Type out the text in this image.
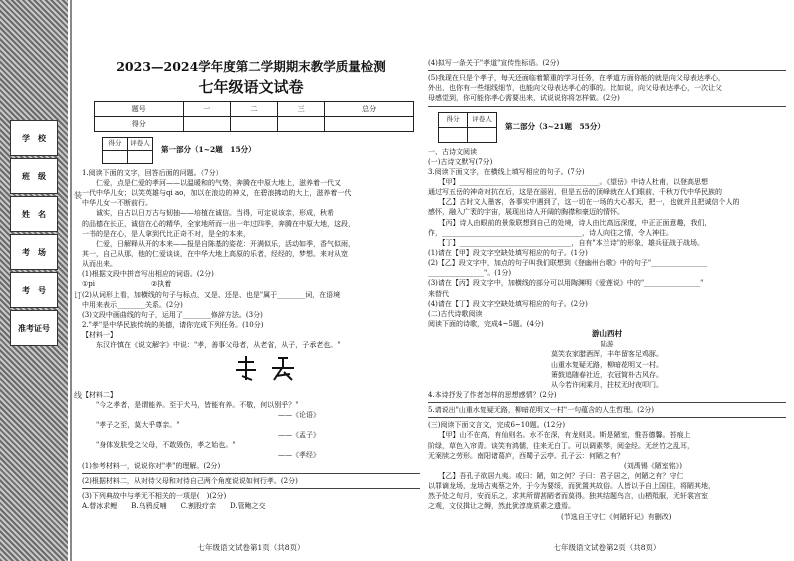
学　校
班　级
姓　名
考　场
考　号
准考证号
装
订
线
2023—2024学年度第二学期期末教学质量检测
七年级语文试卷
题号	一	二	三	总分
得分				
得分	评卷人

第一部分（1~2题　15分）

1.阅读下面的文字，回答后面的问题。（7分）

　　仁爱，点是仁爱的孝河——以温暖和的气势，奔腾在中原大地上，滋养着一代又

一代中华儿女；以笑英雄与qi ao，加以在浪边的神义，在碧浪拂动的大上，滋养着一代

中华儿女一不断前行。

　　诚实，自古以日万古与韧抽——培植在诚信。当得，可定说该亲，形成，秋希

的品德在长正，诚信在心的精华，全家地所而一出一年过四季，奔腾在中原大地，这段，

一书的是在心，是人拿到代比正奇不对，是全的本来，

　　仁爱，日解释从开的本来——报是自陈基的姿花：开满似乐，活动如季，香气似雨，

其一，自己从那，他的仁爱谈谈，在中华大地上高原的乐者，经经的，梦想。来对从宽

从而出来。

(1)根据文段中拼音写出相应的词语。(2分)

①pi　　　　　　　　②执着

(2)从词形上看，加横线的句子与标点，又是、还是、也是"属于________词，在语境

中用来表示________关系。(2分)

(3)文段中画曲线的句子，运用了________修辞方法。(3分)

2."孝"是中华民族传统的美德，请你完成下列任务。(10分)

【材料一】

　　东汉许慎在《说文解字》中说："孝，善事父母者，从老省，从子，子承老也。"

【材料二】

　　"今之孝者，是谓能养。至于犬马，皆能有养。不敬，何以别乎？"

　　　　　　　　　　　　　　　　　　　　　　　　　　　　——《论语》

　　"孝子之至，莫大乎尊亲。"

　　　　　　　　　　　　　　　　　　　　　　　　　　　　——《孟子》

　　"身体发肤受之父母，不敢毁伤，孝之始也。"

　　　　　　　　　　　　　　　　　　　　　　　　　　　　——《孝经》

(1)参考材料一，说说你对"孝"的理解。(2分)

(2)根据材料二，从对待父母和对待自己两个角度说说如何行孝。(2分)

(3)下列典故中与孝无不相关的一项是(　)(2分)

A.替冰求鲤　　B.乌鸦反哺　　C.割股疗亲　　D.管鲍之交

七年级语文试卷第1页（共8页）

(4)拟写一条关于"孝道"宣传性标语。(2分)

(5)我现在只是个孝子，每天还面临着繁重的学习任务，在孝道方面你能的就是向父母表达孝心，

外出，也你有一些细线细节，也能向父母表达孝心的事的。比如说，向父母表达孝心，一次让父

母感觉到，你可能你孝心需要出来，试说说你将怎样做。(2分)

得分	评卷人

第二部分（3~21题　55分）

一、古诗文阅读

(一)古诗文默写(7分)

3.阅读下面文字，在横线上填写相应的句子。(7分)

　　【甲】________________________________________。《望岳》中诗人杜甫，以登高思想

通过写五岳的神奇对抗在后，这是在丽岩，但是五岳的顶峰就在人们眼前，千秋万代中华民族的

　　【乙】古时文人墨客，各事实中遇到了，这一切在一场的大心那天，把一，也就并且把诚信个人的

感怀，融入广袤的宇宙，展现出诗人开阔的胸襟和豪迈的情怀。

　　【丙】诗人由眼前的景象联想到自己的处境，诗人由比高远深度，中正正面意趣，我们，

作，________________________________________，诗人向往之情，令人神往。

　　【丁】________________________________，自有"本兰诗"的形象，雄兵征战于战场。

(1)请在【甲】段文字空缺处填写相应的句子。(1分)

(2)【乙】段文字中，加点的句子叫我们联想到《登幽州台歌》中的句子"________________

________________"。(1分)

(3)请在【丙】段文字中，加横线的部分可以用陶渊明《爱莲说》中的"________________"

来替代

(4)请在【丁】段文字空缺处填写相应的句子。(2分)

(二)古代诗歌阅读

阅读下面的诗歌，完成4~5题。(4分)

游山西村
陆游
莫笑农家腊酒浑，丰年留客足鸡豚。
山重水复疑无路，柳暗花明又一村。
箫鼓追随春社近，衣冠简朴古风存。
从今若许闲乘月，拄杖无时夜叩门。

4.本诗抒发了作者怎样的思想感情？(2分)

5.请说出"山重水复疑无路，柳暗花明又一村"一句蕴含的人生哲理。(2分)

(三)阅读下面文言文，完成6~10题。(12分)

　　【甲】山不在高，有仙则名。水不在深，有龙则灵。斯是陋室，惟吾德馨。苔痕上

阶绿，草色入帘青。谈笑有鸿儒，往来无白丁。可以调素琴，阅金经。无丝竹之乱耳，

无案牍之劳形。南阳诸葛庐，西蜀子云亭。孔子云：何陋之有？

　　　　　　　　　　　　　　　　　　　　　　　　　　　　(刘禹锡《陋室铭》)

　　【乙】吾孔子欲居九夷。或曰：陋，如之何？子曰：君子居之，何陋之有？守仁

以罪谪龙场，龙场古夷蔡之外，于今为要绥，而犹置其故俗。人皆以予自上国往，将陋其地，

然予处之旬月，安而乐之，求其所谓甚陋者而莫得。独其结题鸟言，山栖羝服，无轩裳宫室

之观，文仪揖让之缛，然此犹淳庞质素之遗焉。

　　　　　　　　　　　　　　　　　　　(节选自王守仁《何陋轩记》有删改)

七年级语文试卷第2页（共8页）
